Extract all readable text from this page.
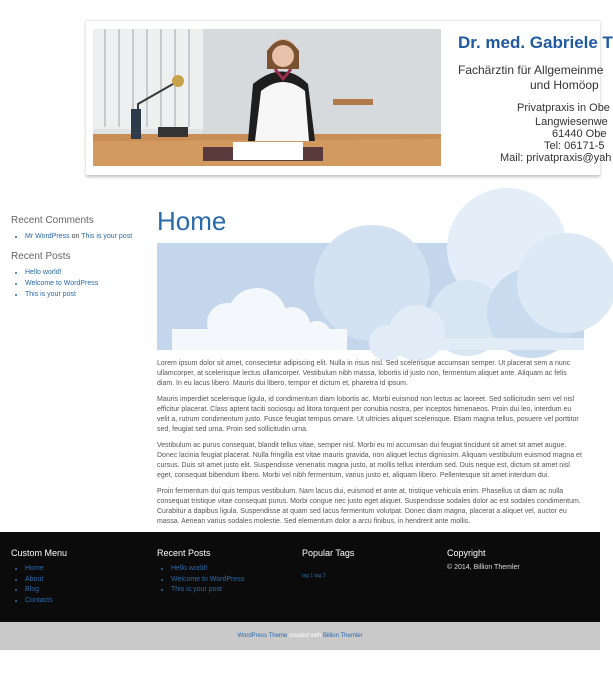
Dr. med. Gabriele T
Fachärztin für Allgemeinme
und Homöop
Privatpraxis in Obe
Langwiesenwe
61440 Obe
Tel: 06171-5
Mail: privatpraxis@yah
Recent Comments
• Mr WordPress on This is your post
Recent Posts
• Hello world!
• Welcome to WordPress
• This is your post
Home

Lorem ipsum dolor sit amet, consectetur adipiscing elit. Nulla in risus nisl. Sed scelerisque accumsan semper. Ut placerat sem a nunc ullamcorper, at scelerisque lectus ullamcorper. Vestibulum nibh massa, lobortis id justo non, fermentum aliquet ante. Aliquam ac felis diam. In eu lacus libero. Mauris dui libero, tempor et dictum et, pharetra id ipsum.

Mauris imperdiet scelerisque ligula, id condimentum diam lobortis ac. Morbi euismod non lectus ac laoreet. Sed sollicitudin sem vel nisl efficitur placerat. Class aptent taciti sociosqu ad litora torquent per conubia nostra, per inceptos himenaeos. Proin dui leo, interdum eu velit a, rutrum condimentum justo. Fusce feugiat tempus ornare. Ut ultricies aliquet scelerisque. Etiam magna tellus, posuere vel porttitor sed, feugiat sed urna. Proin sed sollicitudin urna.

Vestibulum ac purus consequat, blandit tellus vitae, semper nisl. Morbi eu mi accumsan dui feugiat tincidunt sit amet sit amet augue. Donec lacinia feugiat placerat. Nulla fringilla est vitae mauris gravida, non aliquet lectus dignissim. Aliquam vestibulum euismod magna et cursus. Duis sit amet justo elit. Suspendisse venenatis magna justo, at mollis tellus interdum sed. Duis neque est, dictum sit amet nisl eget, consequat bibendum libero. Morbi vel nibh fermentum, varius justo et, aliquam libero. Pellentesque sit amet interdum dui.

Proin fermentum dui quis tempus vestibulum. Nam lacus dui, euismod et ante at, tristique vehicula enim. Phasellus ut diam ac nulla consequat tristique vitae consequat purus. Morbi congue nec justo eget aliquet. Suspendisse sodales dolor ac est sodales condimentum. Curabitur a dapibus ligula. Suspendisse at quam sed lacus fermentum volutpat. Donec diam magna, placerat a aliquet vel, auctor eu massa. Aenean varius sodales molestie. Sed elementum dolor a arcu finibus, in hendrerit ante mollis.

Custom Menu
• Home
• About
• Blog
• Contacts
Recent Posts
• Hello world!
• Welcome to WordPress
• This is your post
Popular Tags
tag 1 tag 2
Copyright
© 2014, Billion Themler
WordPress Theme created with Billion Themler
